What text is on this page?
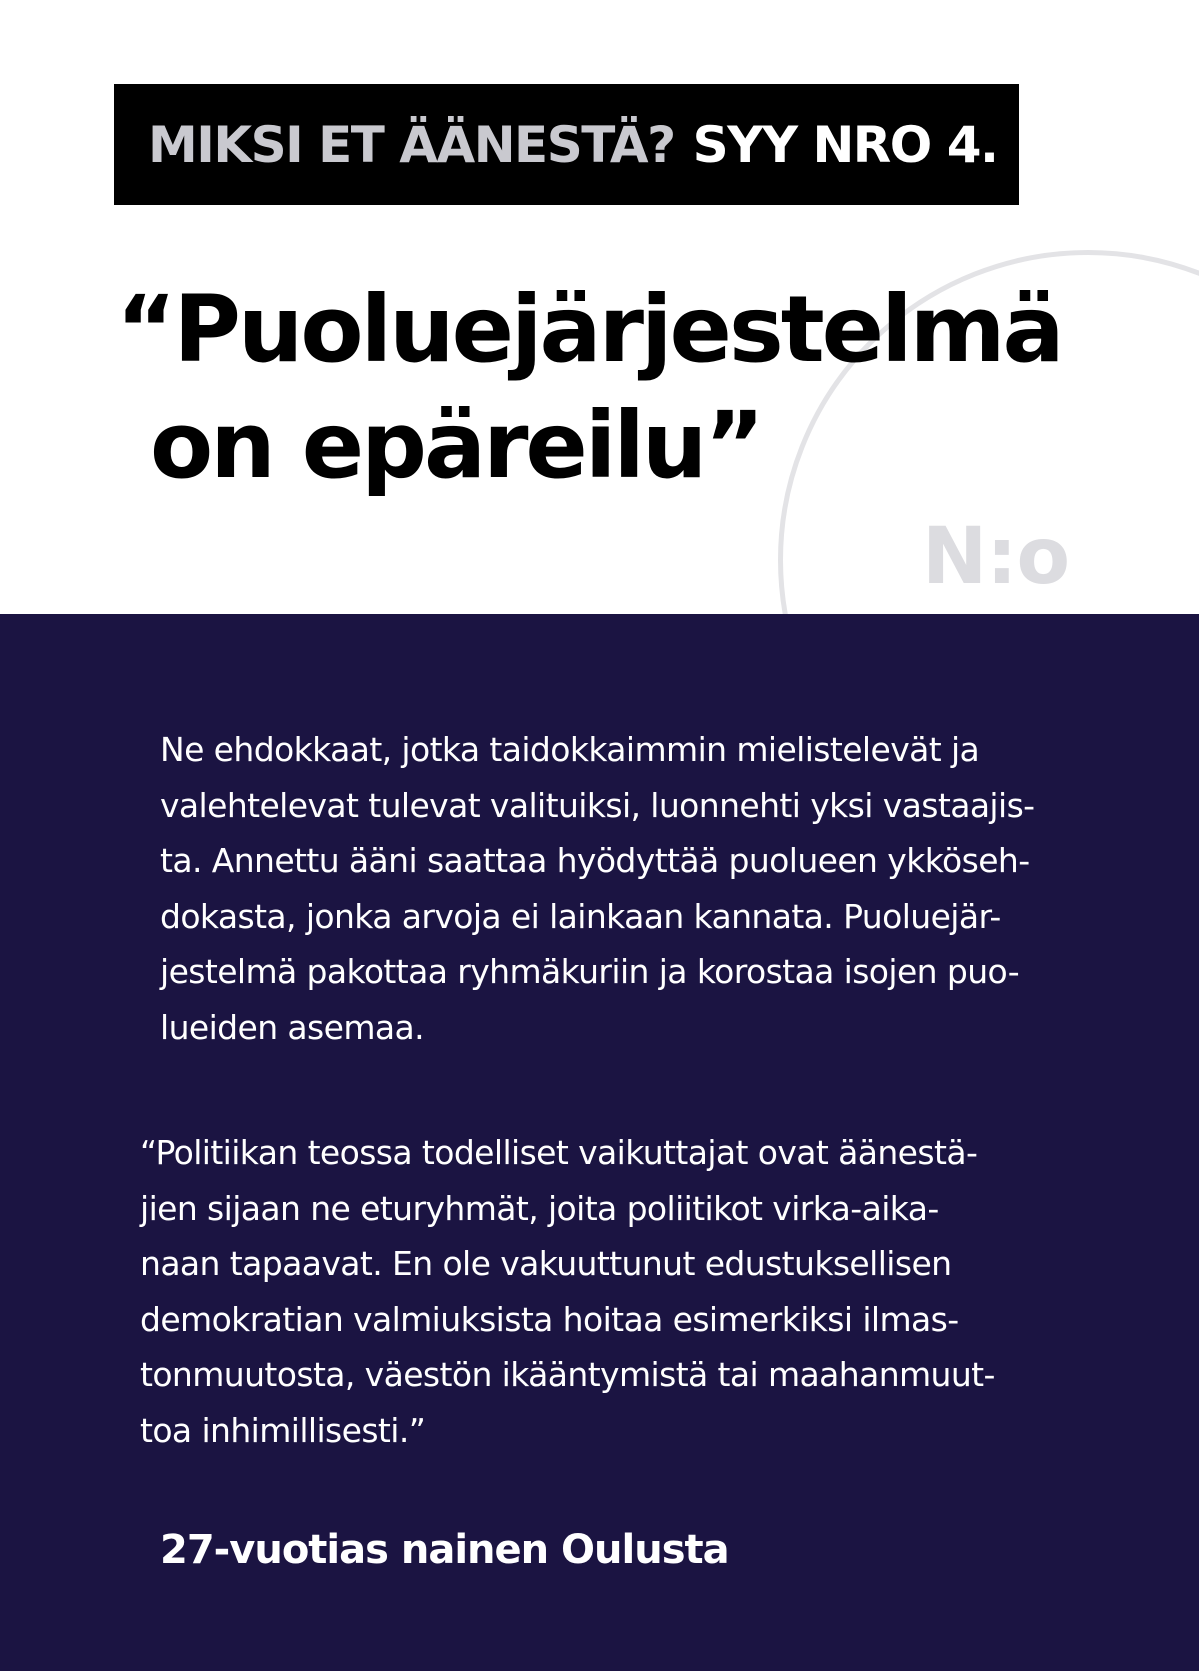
N:o
MIKSI ET ÄÄNESTÄ? SYY NRO 4.
“Puoluejärjestelmä
on epäreilu”

Ne ehdokkaat, jotka taidokkaimmin mielistelevät ja
valehtelevat tulevat valituiksi, luonnehti yksi vastaajis-
ta. Annettu ääni saattaa hyödyttää puolueen ykköseh-
dokasta, jonka arvoja ei lainkaan kannata. Puoluejär-
jestelmä pakottaa ryhmäkuriin ja korostaa isojen puo-
lueiden asemaa.

“Politiikan teossa todelliset vaikuttajat ovat äänestä-
jien sijaan ne eturyhmät, joita poliitikot virka-aika-
naan tapaavat. En ole vakuuttunut edustuksellisen
demokratian valmiuksista hoitaa esimerkiksi ilmas-
tonmuutosta, väestön ikääntymistä tai maahanmuut-
toa inhimillisesti.”

27-vuotias nainen Oulusta
